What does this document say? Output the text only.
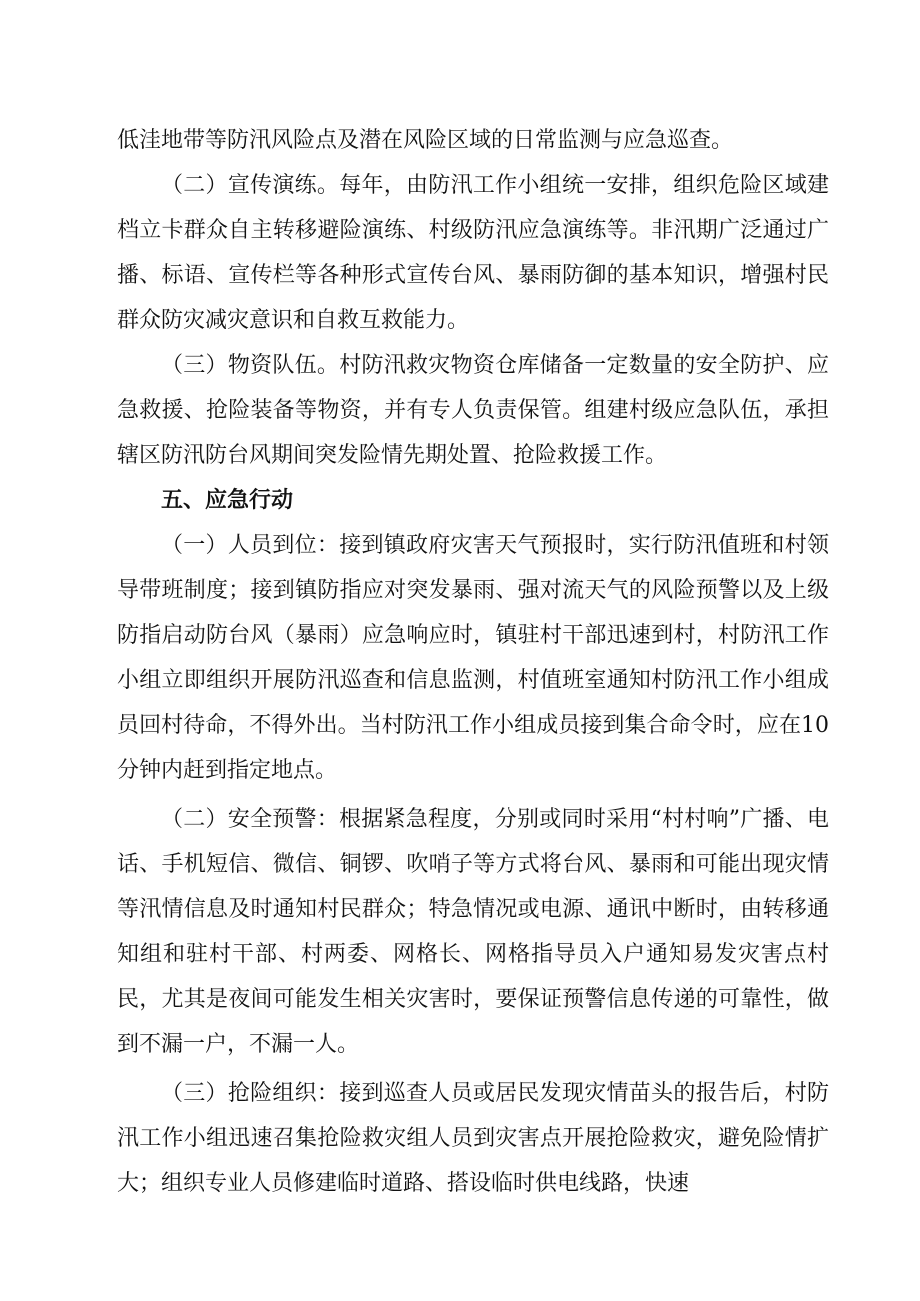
低洼地带等防汛风险点及潜在风险区域的日常监测与应急巡查。

（二）宣传演练。每年，由防汛工作小组统一安排，组织危险区域建档立卡群众自主转移避险演练、村级防汛应急演练等。非汛期广泛通过广播、标语、宣传栏等各种形式宣传台风、暴雨防御的基本知识，增强村民群众防灾减灾意识和自救互救能力。

（三）物资队伍。村防汛救灾物资仓库储备一定数量的安全防护、应急救援、抢险装备等物资，并有专人负责保管。组建村级应急队伍，承担辖区防汛防台风期间突发险情先期处置、抢险救援工作。

五、应急行动

（一）人员到位：接到镇政府灾害天气预报时，实行防汛值班和村领导带班制度；接到镇防指应对突发暴雨、强对流天气的风险预警以及上级防指启动防台风（暴雨）应急响应时，镇驻村干部迅速到村，村防汛工作小组立即组织开展防汛巡查和信息监测，村值班室通知村防汛工作小组成员回村待命，不得外出。当村防汛工作小组成员接到集合命令时，应在10分钟内赶到指定地点。

（二）安全预警：根据紧急程度，分别或同时采用“村村响”广播、电话、手机短信、微信、铜锣、吹哨子等方式将台风、暴雨和可能出现灾情等汛情信息及时通知村民群众；特急情况或电源、通讯中断时，由转移通知组和驻村干部、村两委、网格长、网格指导员入户通知易发灾害点村民，尤其是夜间可能发生相关灾害时，要保证预警信息传递的可靠性，做到不漏一户，不漏一人。

（三）抢险组织：接到巡查人员或居民发现灾情苗头的报告后，村防汛工作小组迅速召集抢险救灾组人员到灾害点开展抢险救灾，避免险情扩大；组织专业人员修建临时道路、搭设临时供电线路，快速
